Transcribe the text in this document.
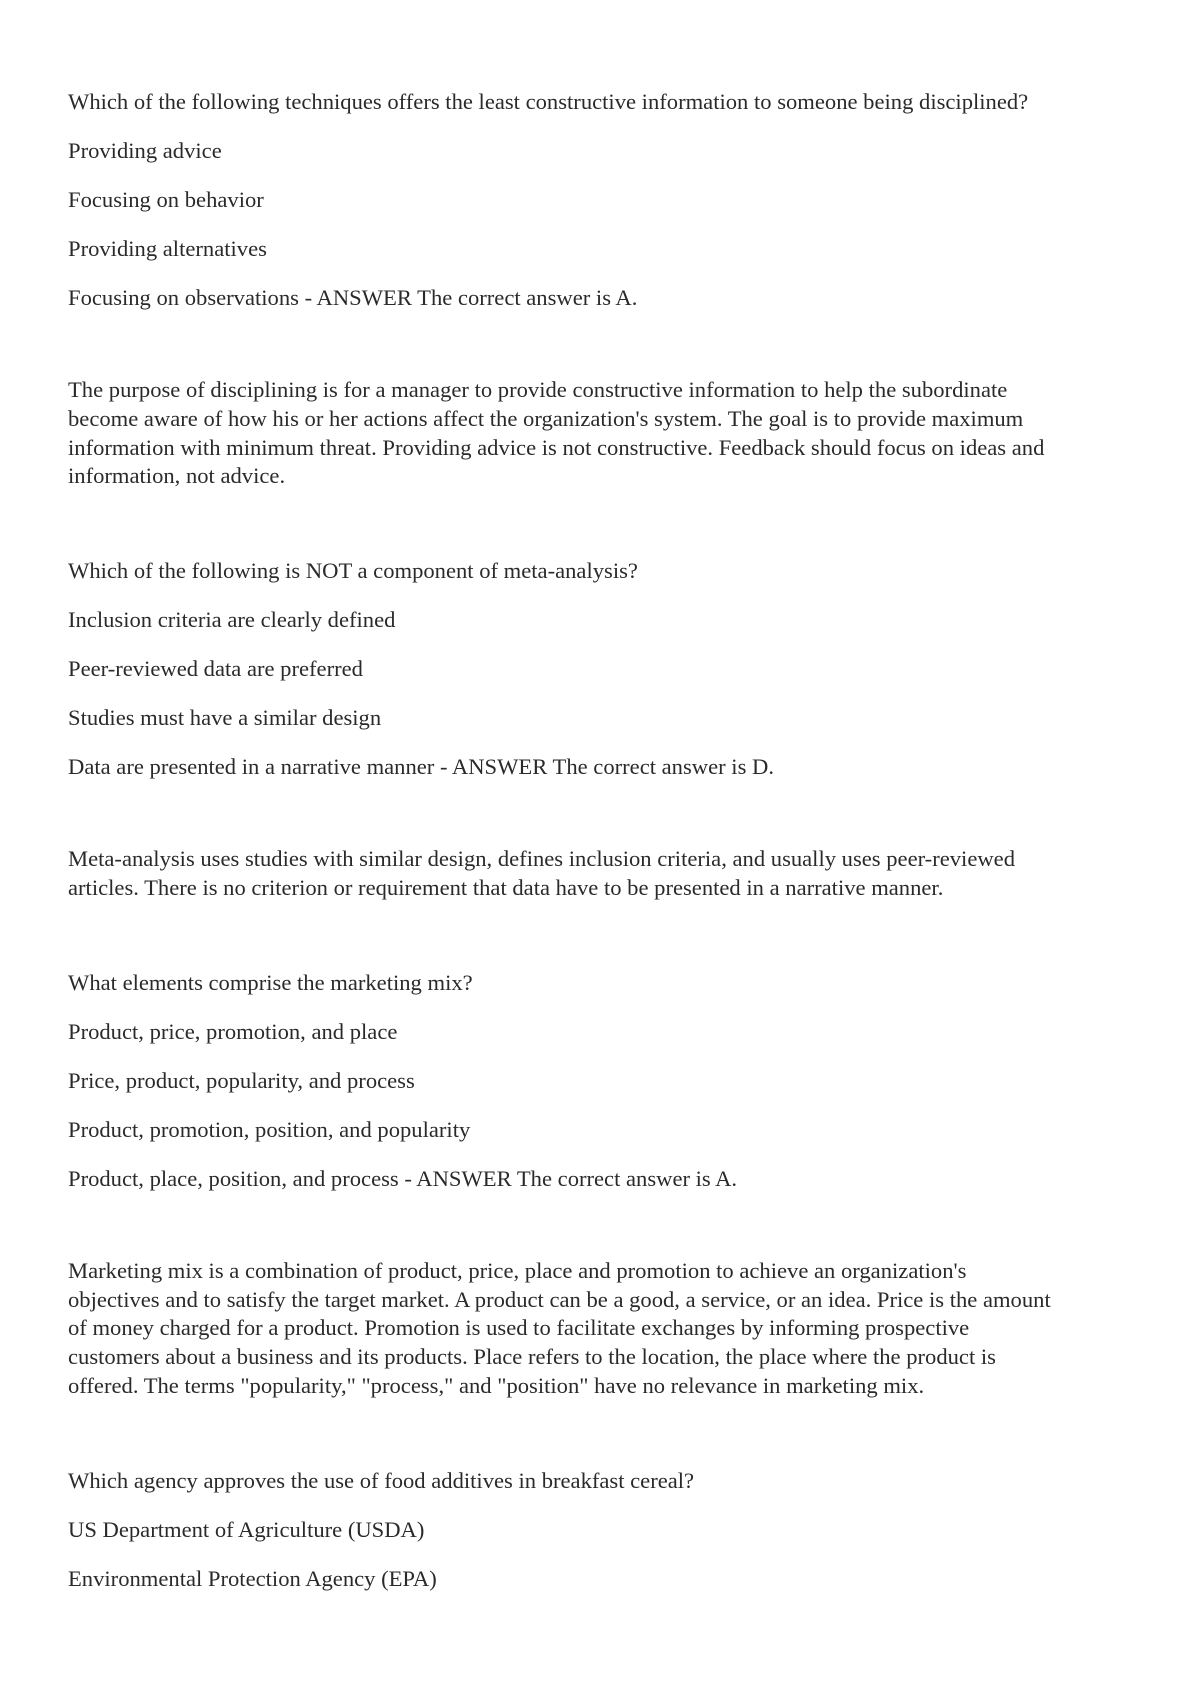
Which of the following techniques offers the least constructive information to someone being disciplined?

Providing advice

Focusing on behavior

Providing alternatives

Focusing on observations - ANSWER The correct answer is A.

The purpose of disciplining is for a manager to provide constructive information to help the subordinate
become aware of how his or her actions affect the organization's system. The goal is to provide maximum
information with minimum threat. Providing advice is not constructive. Feedback should focus on ideas and
information, not advice.

Which of the following is NOT a component of meta-analysis?

Inclusion criteria are clearly defined

Peer-reviewed data are preferred

Studies must have a similar design

Data are presented in a narrative manner - ANSWER The correct answer is D.

Meta-analysis uses studies with similar design, defines inclusion criteria, and usually uses peer-reviewed
articles. There is no criterion or requirement that data have to be presented in a narrative manner.

What elements comprise the marketing mix?

Product, price, promotion, and place

Price, product, popularity, and process

Product, promotion, position, and popularity

Product, place, position, and process - ANSWER The correct answer is A.

Marketing mix is a combination of product, price, place and promotion to achieve an organization's
objectives and to satisfy the target market. A product can be a good, a service, or an idea. Price is the amount
of money charged for a product. Promotion is used to facilitate exchanges by informing prospective
customers about a business and its products. Place refers to the location, the place where the product is
offered. The terms "popularity," "process," and "position" have no relevance in marketing mix.

Which agency approves the use of food additives in breakfast cereal?

US Department of Agriculture (USDA)

Environmental Protection Agency (EPA)
